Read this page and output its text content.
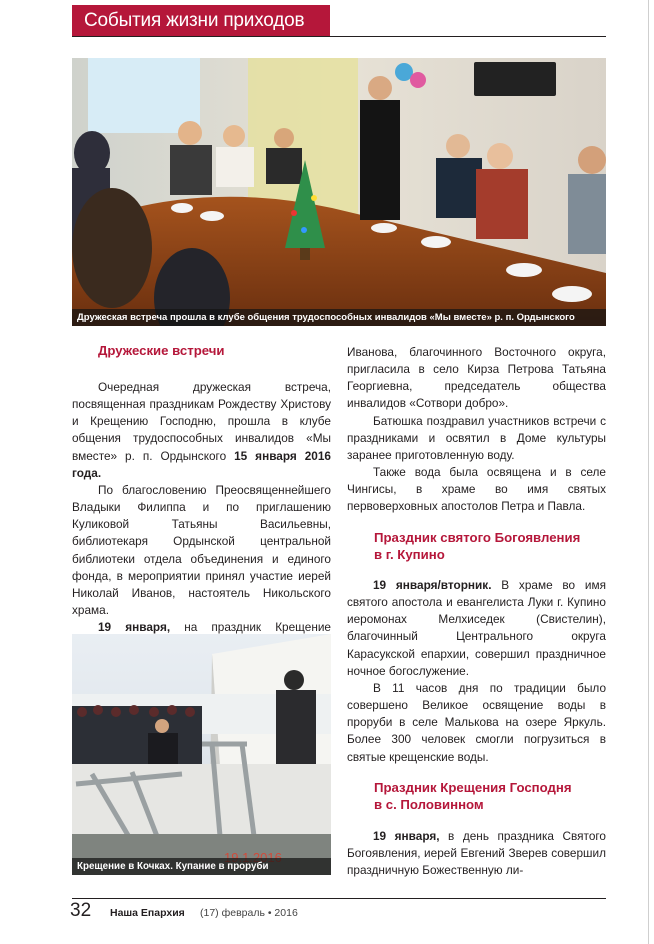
События жизни приходов
Дружеская встреча прошла в клубе общения трудоспособных инвалидов «Мы вместе» р. п. Ордынского
Дружеские встречи

Очередная дружеская встреча, посвященная праздникам Рождеству Христову и Крещению Господню, прошла в клубе общения трудоспособных инвалидов «Мы вместе» р. п. Ордынского 15 января 2016 года.

По благословению Преосвященнейшего Владыки Филиппа и по приглашению Куликовой Татьяны Васильевны, библиотекаря Ордынской центральной библиотеки отдела объединения и единого фонда, в мероприятии принял участие иерей Николай Иванов, настоятель Никольского храма.

19 января, на праздник Крещение

Крещение в Кочках. Купание в проруби

Иванова, благочинного Восточного округа, пригласила в село Кирза Петрова Татьяна Георгиевна, председатель общества инвалидов «Сотвори добро».

Батюшка поздравил участников встречи с праздниками и освятил в Доме культуры заранее приготовленную воду.

Также вода была освящена и в селе Чингисы, в храме во имя святых первоверховных апостолов Петра и Павла.

Праздник святого Богоявления
в г. Купино

19 января/вторник. В храме во имя святого апостола и евангелиста Луки г. Купино иеромонах Мелхиседек (Свистелин), благочинный Центрального округа Карасукской епархии, совершил праздничное ночное богослужение.

В 11 часов дня по традиции было совершено Великое освящение воды в проруби в селе Малькова на озере Яркуль. Более 300 человек смогли погрузиться в святые крещенские воды.

Праздник Крещения Господня
в с. Половинном

19 января, в день праздника Святого Богоявления, иерей Евгений Зверев совершил праздничную Божественную ли-

32 Наша Епархия (17) февраль • 2016
